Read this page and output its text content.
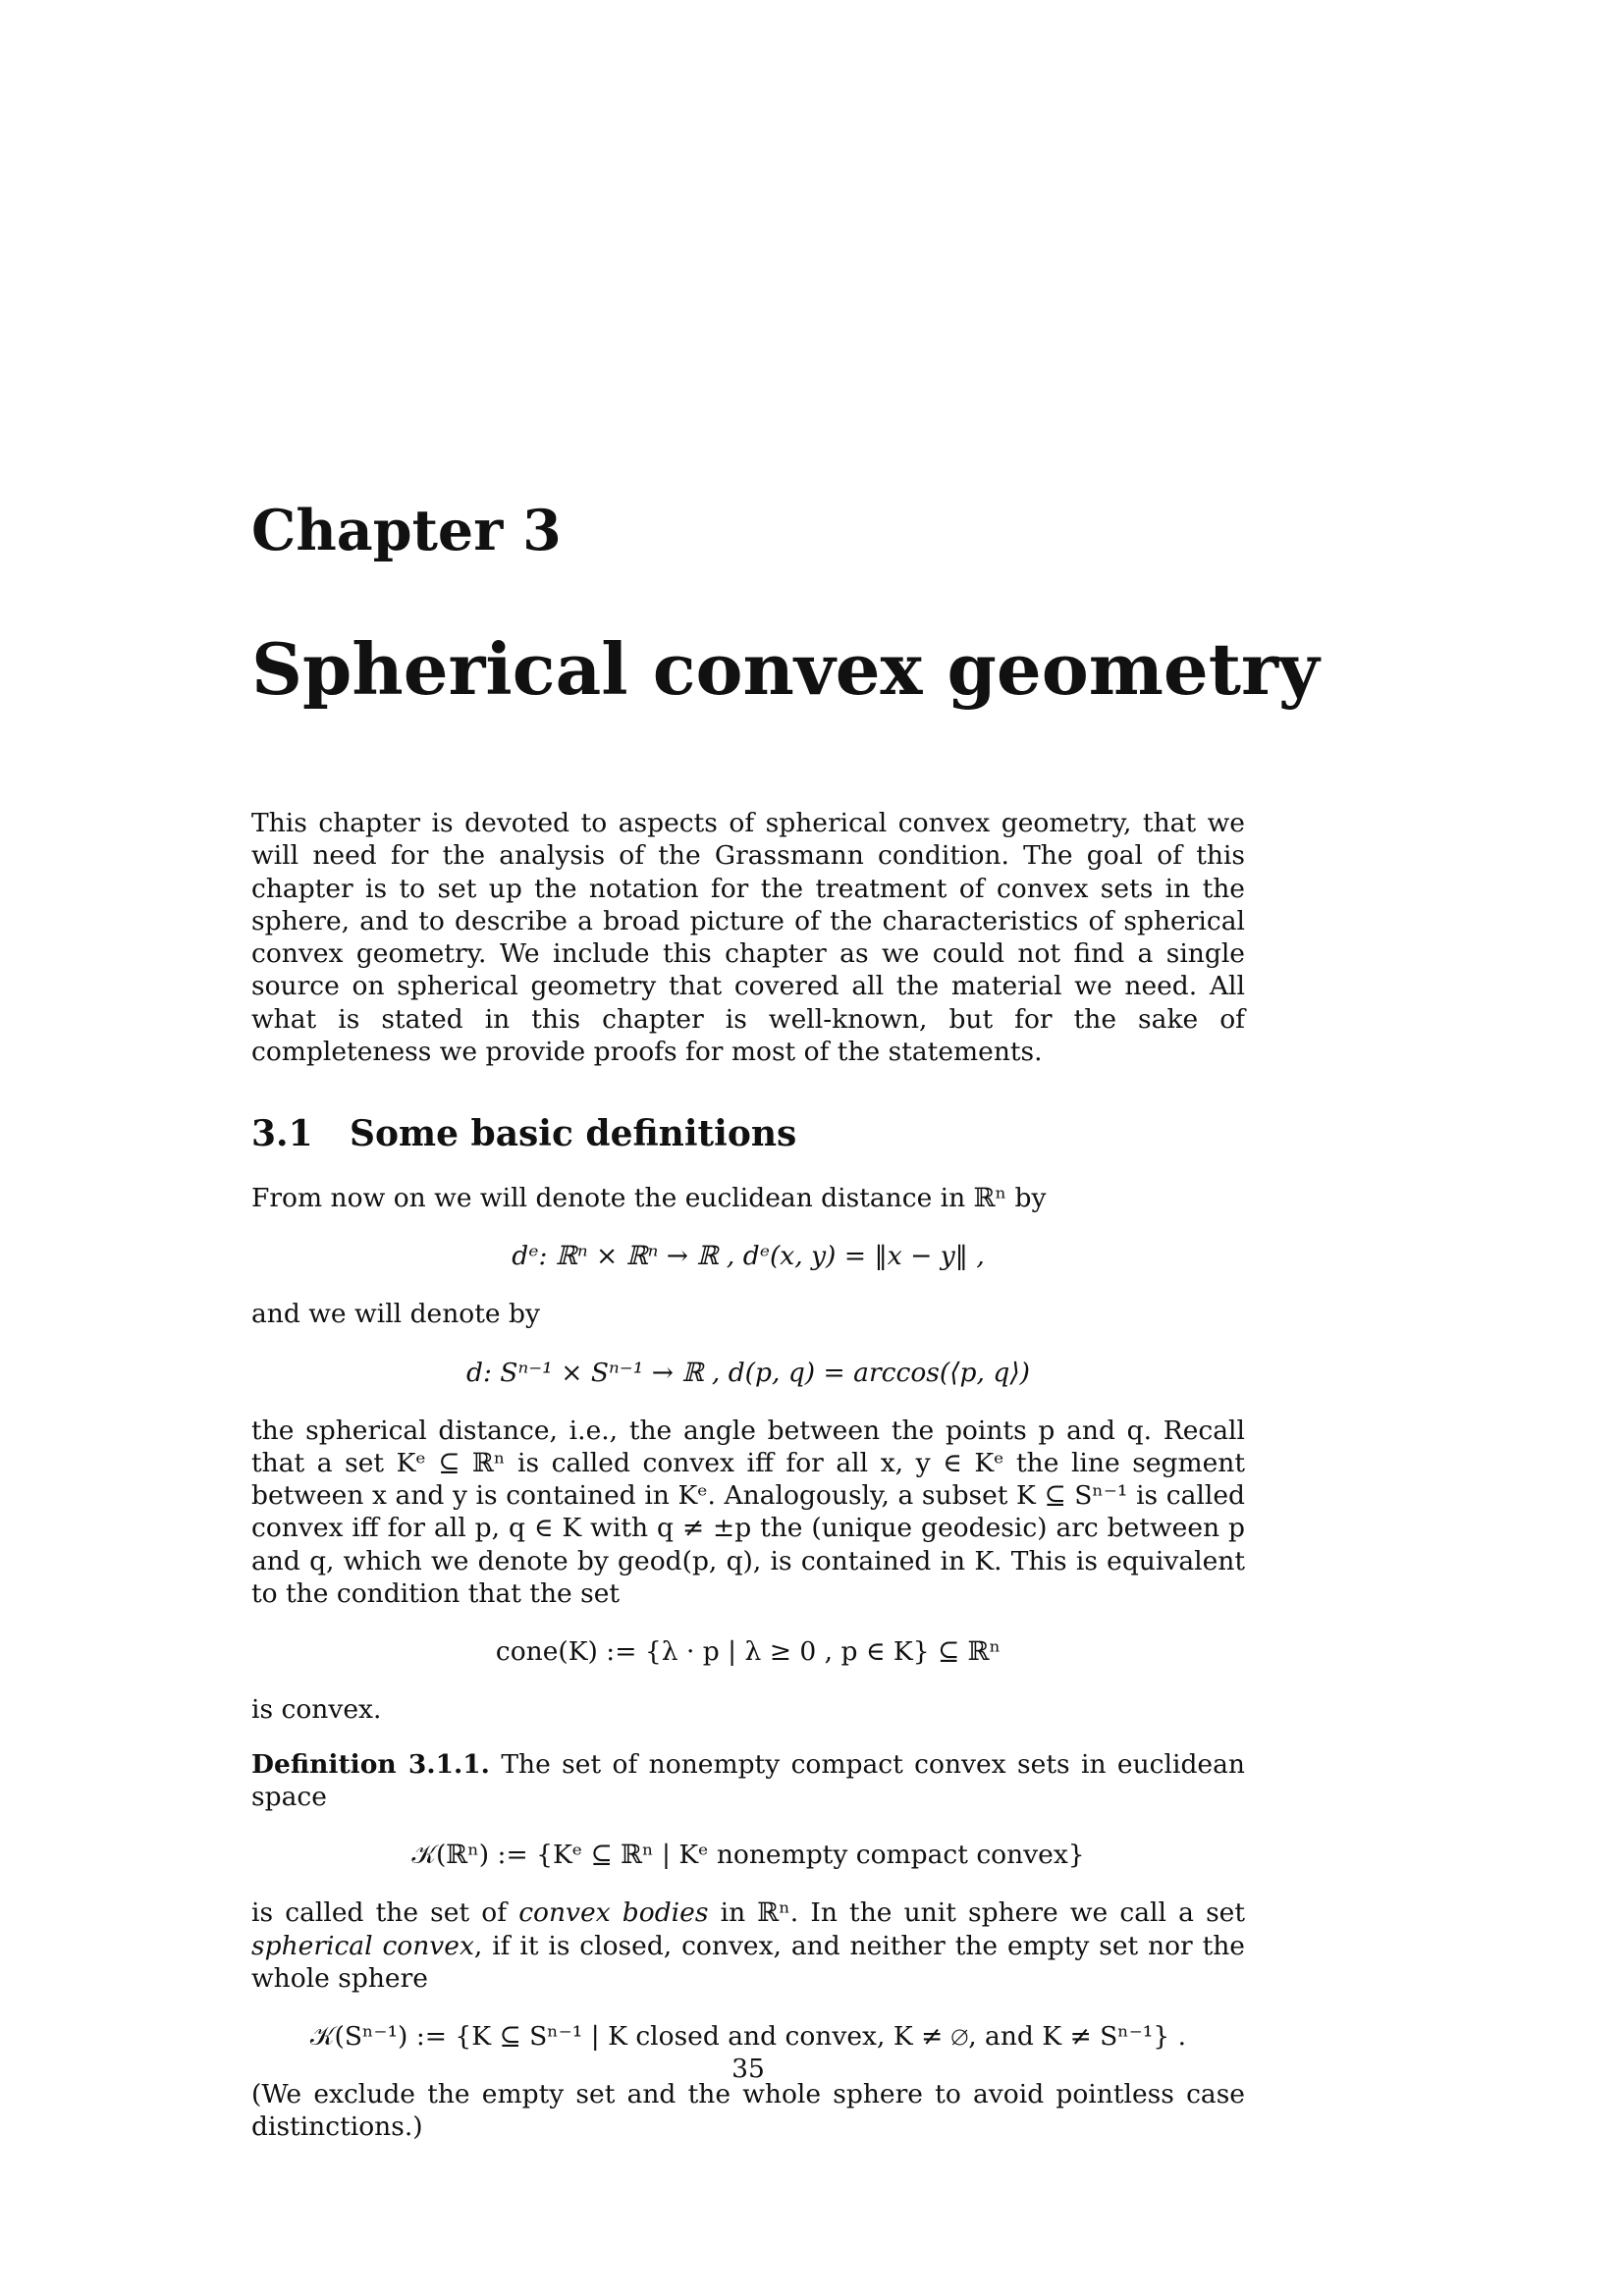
Chapter 3
Spherical convex geometry

This chapter is devoted to aspects of spherical convex geometry, that we will need for the analysis of the Grassmann condition. The goal of this chapter is to set up the notation for the treatment of convex sets in the sphere, and to describe a broad picture of the characteristics of spherical convex geometry. We include this chapter as we could not find a single source on spherical geometry that covered all the material we need. All what is stated in this chapter is well-known, but for the sake of completeness we provide proofs for most of the statements.

3.1 Some basic definitions

From now on we will denote the euclidean distance in ℝⁿ by

dᵉ: ℝⁿ × ℝⁿ → ℝ , dᵉ(x, y) = ‖x − y‖ ,

and we will denote by

d: Sⁿ⁻¹ × Sⁿ⁻¹ → ℝ , d(p, q) = arccos(⟨p, q⟩)

the spherical distance, i.e., the angle between the points p and q. Recall that a set Kᵉ ⊆ ℝⁿ is called convex iff for all x, y ∈ Kᵉ the line segment between x and y is contained in Kᵉ. Analogously, a subset K ⊆ Sⁿ⁻¹ is called convex iff for all p, q ∈ K with q ≠ ±p the (unique geodesic) arc between p and q, which we denote by geod(p, q), is contained in K. This is equivalent to the condition that the set

cone(K) := {λ · p | λ ≥ 0 , p ∈ K} ⊆ ℝⁿ

is convex.

Definition 3.1.1. The set of nonempty compact convex sets in euclidean space

𝒦(ℝⁿ) := {Kᵉ ⊆ ℝⁿ | Kᵉ nonempty compact convex}

is called the set of convex bodies in ℝⁿ. In the unit sphere we call a set spherical convex, if it is closed, convex, and neither the empty set nor the whole sphere

𝒦(Sⁿ⁻¹) := {K ⊆ Sⁿ⁻¹ | K closed and convex, K ≠ ∅, and K ≠ Sⁿ⁻¹} .

(We exclude the empty set and the whole sphere to avoid pointless case distinctions.)

35
